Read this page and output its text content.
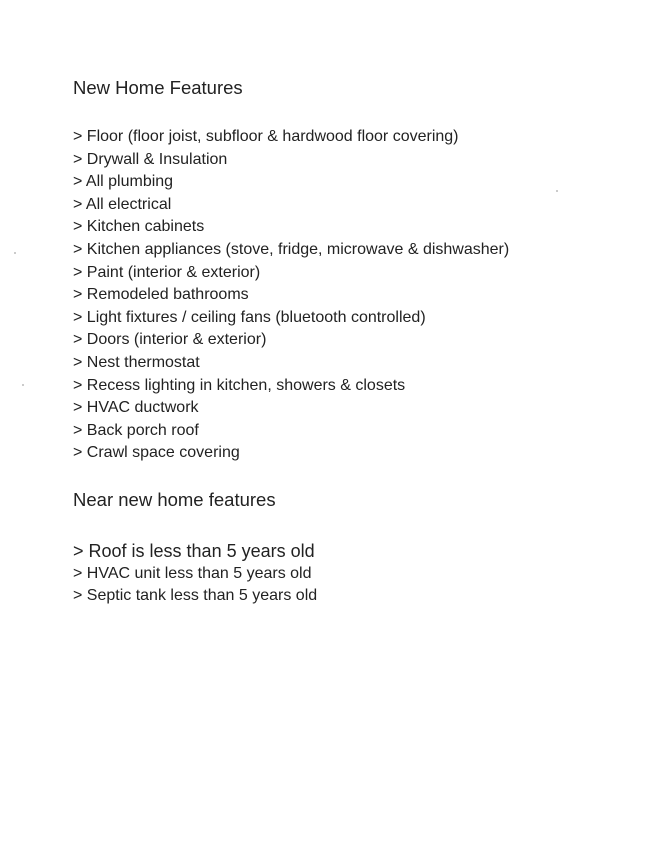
New Home Features
> Floor (floor joist, subfloor & hardwood floor covering)
> Drywall & Insulation
> All plumbing
> All electrical
> Kitchen cabinets
> Kitchen appliances (stove, fridge, microwave & dishwasher)
> Paint (interior & exterior)
> Remodeled bathrooms
> Light fixtures / ceiling fans (bluetooth controlled)
> Doors (interior & exterior)
> Nest thermostat
> Recess lighting in kitchen, showers & closets
> HVAC ductwork
> Back porch roof
> Crawl space covering
Near new home features
> Roof is less than 5 years old
> HVAC unit less than 5 years old
> Septic tank less than 5 years old
